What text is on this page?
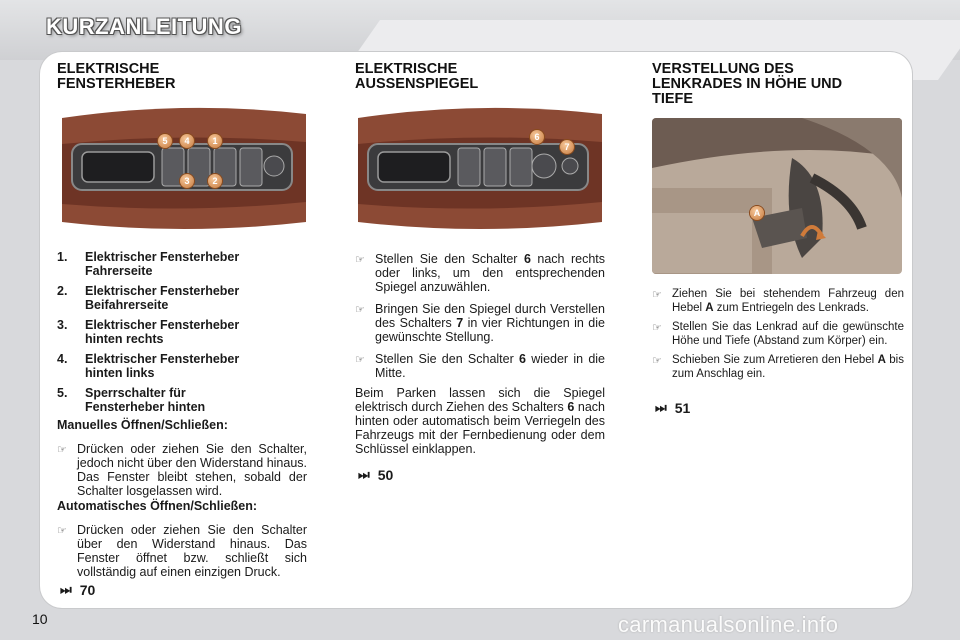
KURZANLEITUNG

ELEKTRISCHE
FENSTERHEBER

5	4	1
3	2
1.	Elektrischer Fensterheber
Fahrerseite
2.	Elektrischer Fensterheber
Beifahrerseite
3.	Elektrischer Fensterheber
hinten rechts
4.	Elektrischer Fensterheber
hinten links
5.	Sperrschalter für
Fensterheber hinten

Manuelles Öffnen/Schließen:

☞ Drücken oder ziehen Sie den Schalter, jedoch nicht über den Widerstand hinaus. Das Fenster bleibt stehen, sobald der Schalter losgelassen wird.

Automatisches Öffnen/Schließen:

☞ Drücken oder ziehen Sie den Schalter über den Widerstand hinaus. Das Fenster öffnet bzw. schließt sich vollständig auf einen einzigen Druck.
⏭ 70

ELEKTRISCHE
AUSSENSPIEGEL

6
7
☞ Stellen Sie den Schalter 6 nach rechts oder links, um den entsprechenden Spiegel anzuwählen.
☞ Bringen Sie den Spiegel durch Verstellen des Schalters 7 in vier Richtungen in die gewünschte Stellung.
☞ Stellen Sie den Schalter 6 wieder in die Mitte.
Beim Parken lassen sich die Spiegel elektrisch durch Ziehen des Schalters 6 nach hinten oder automatisch beim Verriegeln des Fahrzeugs mit der Fernbedienung oder dem Schlüssel einklappen.
⏭ 50

VERSTELLUNG DES
LENKRADES IN HÖHE UND
TIEFE

A
☞ Ziehen Sie bei stehendem Fahrzeug den Hebel A zum Entriegeln des Lenkrads.
☞ Stellen Sie das Lenkrad auf die gewünschte Höhe und Tiefe (Abstand zum Körper) ein.
☞ Schieben Sie zum Arretieren den Hebel A bis zum Anschlag ein.
⏭ 51
10	carmanualsonline.info
